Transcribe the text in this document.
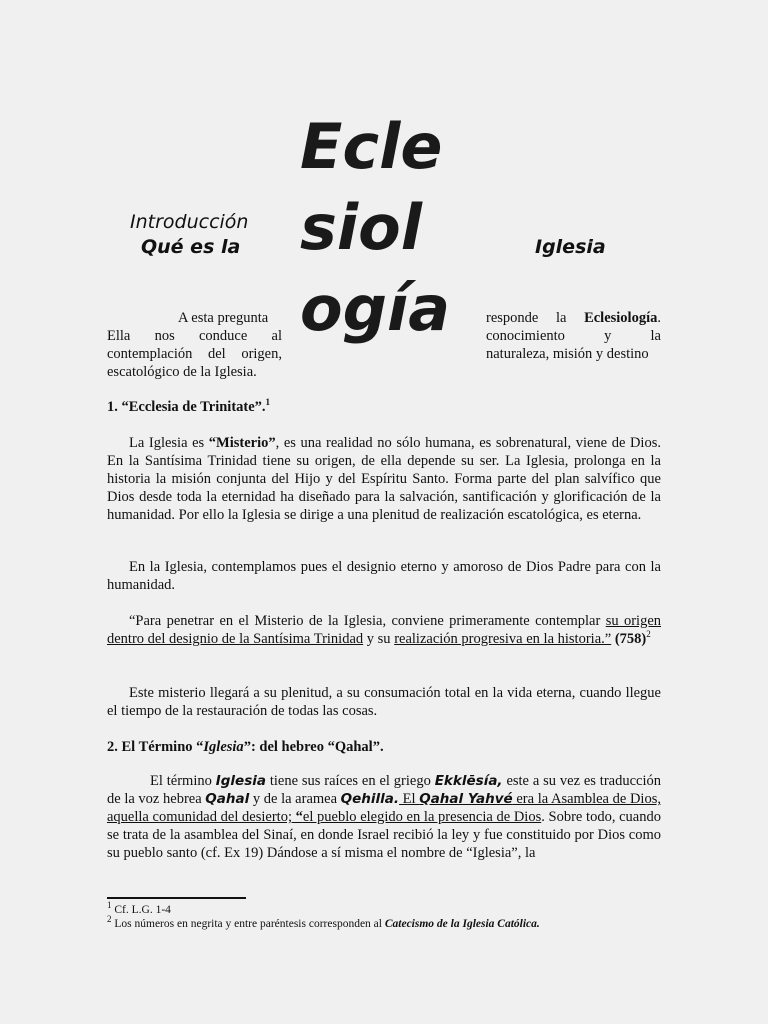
Ecle
siol
ogía
Introducción
Qué es la	Iglesia

A esta pregunta

Ella nos conduce al

contemplación del origen,

escatológico de la Iglesia.

responde la Eclesiología.

conocimiento y la

naturaleza, misión y destino

1. “Ecclesia de Trinitate”.$^1$
La Iglesia es “Misterio”, es una realidad no sólo humana, es sobrenatural, viene de Dios. En la Santísima Trinidad tiene su origen, de ella depende su ser. La Iglesia, prolonga en la historia la misión conjunta del Hijo y del Espíritu Santo. Forma parte del plan salvífico que Dios desde toda la eternidad ha diseñado para la salvación, santificación y glorificación de la humanidad. Por ello la Iglesia se dirige a una plenitud de realización escatológica, es eterna.
En la Iglesia, contemplamos pues el designio eterno y amoroso de Dios Padre para con la humanidad.
“Para penetrar en el Misterio de la Iglesia, conviene primeramente contemplar su origen dentro del designio de la Santísima Trinidad y su realización progresiva en la historia.” $(758)^2$
Este misterio llegará a su plenitud, a su consumación total en la vida eterna, cuando llegue el tiempo de la restauración de todas las cosas.
2. El Término “Iglesia”: del hebreo “Qahal”.
El término Iglesia tiene sus raíces en el griego Ekklēsía, este a su vez es traducción de la voz hebrea Qahal y de la aramea Qehilla. El Qahal Yahvé era la Asamblea de Dios, aquella comunidad del desierto; “el pueblo elegido en la presencia de Dios. Sobre todo, cuando se trata de la asamblea del Sinaí, en donde Israel recibió la ley y fue constituido por Dios como su pueblo santo (cf. Ex 19) Dándose a sí misma el nombre de “Iglesia”, la
$^1$ Cf. L.G. 1-4
$^2$ Los números en negrita y entre paréntesis corresponden al Catecismo de la Iglesia Católica.
